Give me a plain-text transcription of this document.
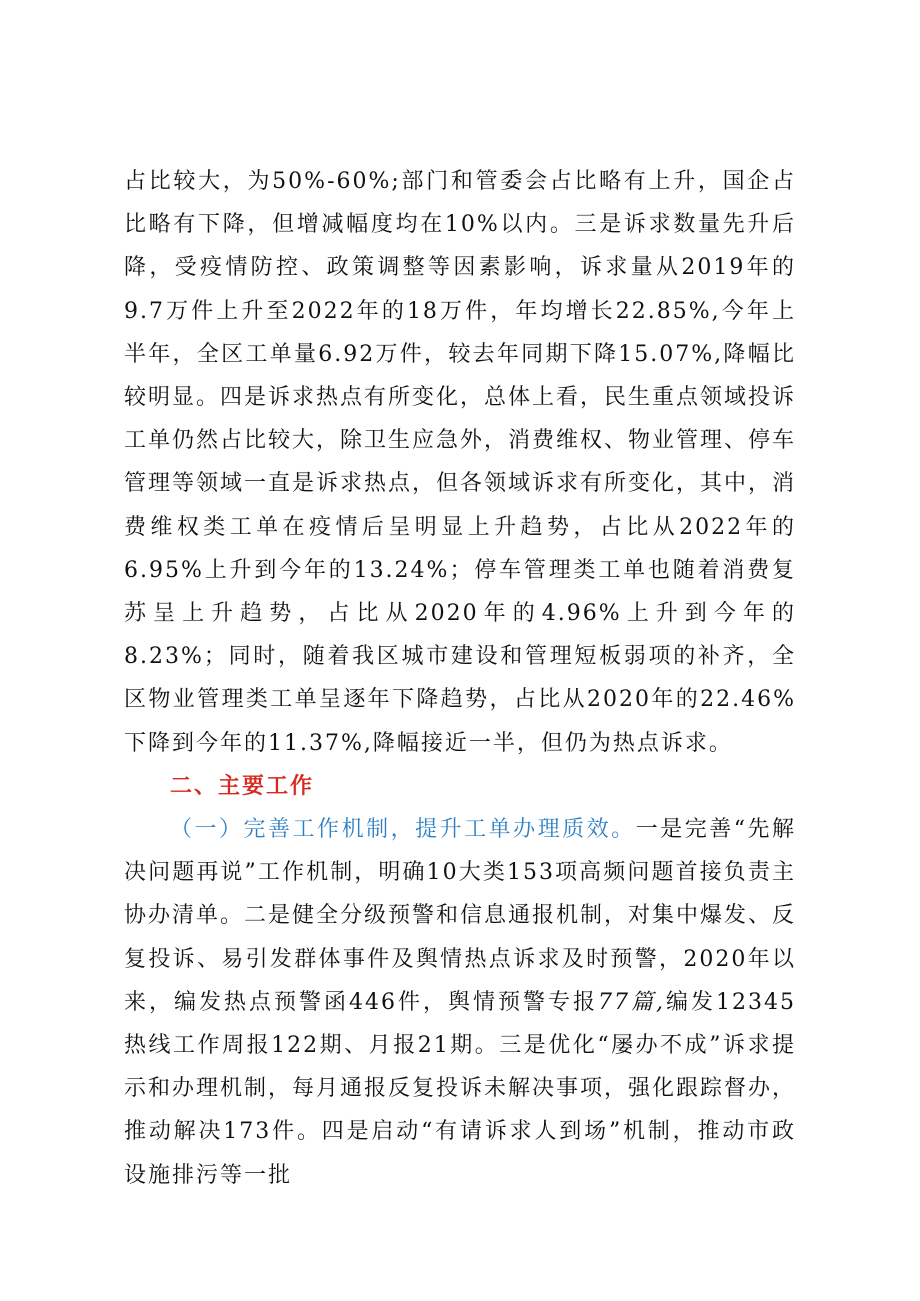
占比较大，为50%-60%;部门和管委会占比略有上升，国企占比略有下降，但增减幅度均在10%以内。三是诉求数量先升后降，受疫情防控、政策调整等因素影响，诉求量从2019年的9.7万件上升至2022年的18万件，年均增长22.85%,今年上半年，全区工单量6.92万件，较去年同期下降15.07%,降幅比较明显。四是诉求热点有所变化，总体上看，民生重点领域投诉工单仍然占比较大，除卫生应急外，消费维权、物业管理、停车管理等领域一直是诉求热点，但各领域诉求有所变化，其中，消费维权类工单在疫情后呈明显上升趋势，占比从2022年的6.95%上升到今年的13.24%；停车管理类工单也随着消费复苏呈上升趋势，占比从2020年的4.96%上升到今年的8.23%；同时，随着我区城市建设和管理短板弱项的补齐，全区物业管理类工单呈逐年下降趋势，占比从2020年的22.46%下降到今年的11.37%,降幅接近一半，但仍为热点诉求。

二、主要工作

（一）完善工作机制，提升工单办理质效。一是完善“先解决问题再说”工作机制，明确10大类153项高频问题首接负责主协办清单。二是健全分级预警和信息通报机制，对集中爆发、反复投诉、易引发群体事件及舆情热点诉求及时预警，2020年以来，编发热点预警函446件，舆情预警专报77篇,编发12345热线工作周报122期、月报21期。三是优化“屡办不成”诉求提示和办理机制，每月通报反复投诉未解决事项，强化跟踪督办，推动解决173件。四是启动“有请诉求人到场”机制，推动市政设施排污等一批
